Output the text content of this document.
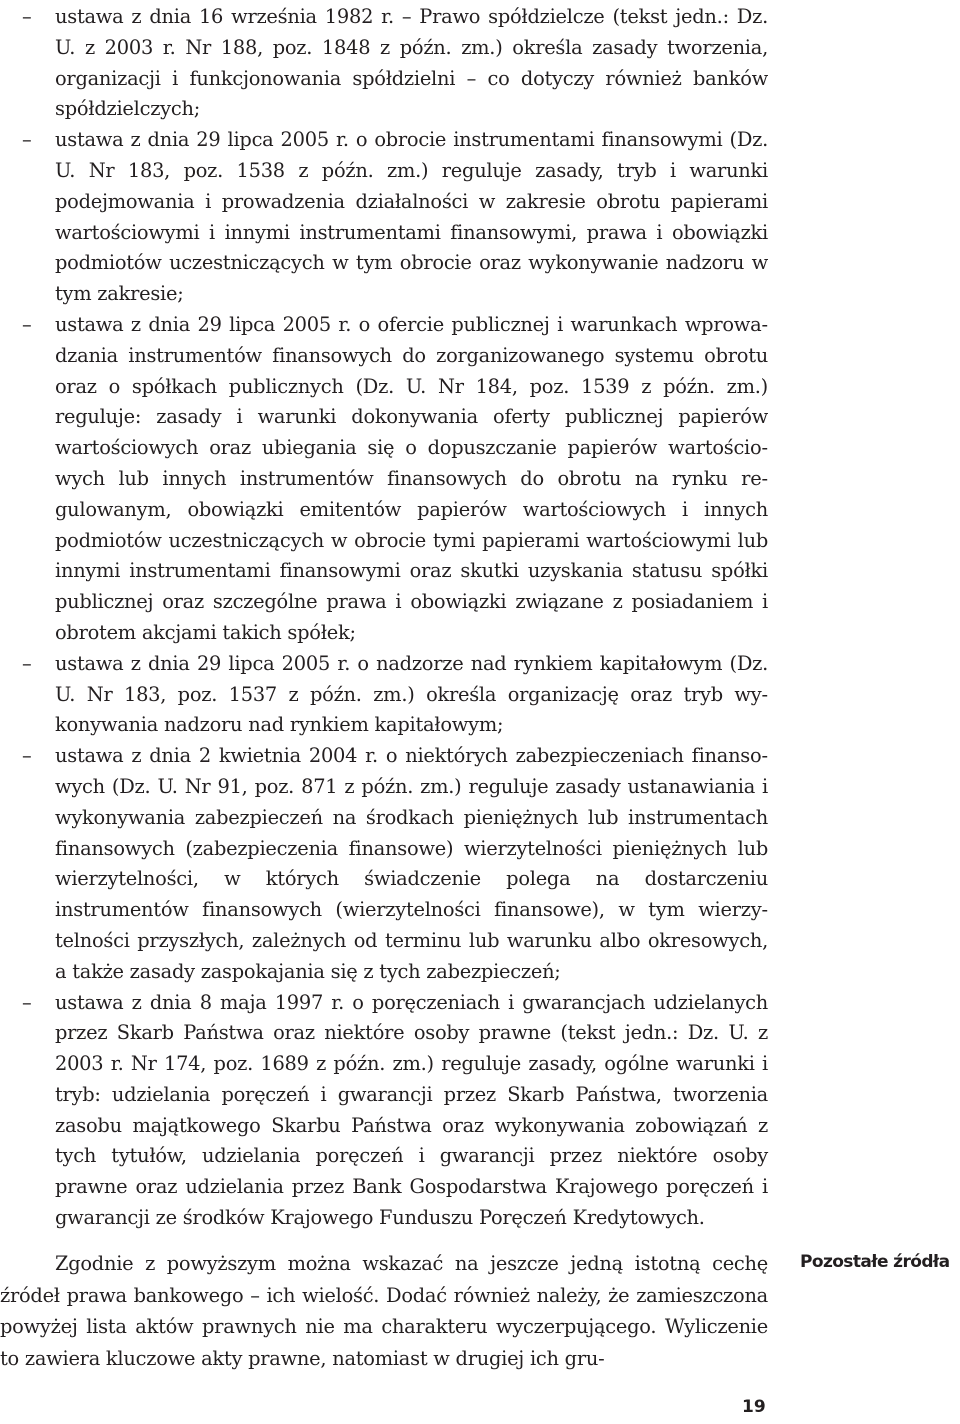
– ustawa z dnia 16 września 1982 r. – Prawo spółdzielcze (tekst jedn.: Dz. U. z 2003 r. Nr 188, poz. 1848 z późn. zm.) określa zasady tworzenia, organizacji i funkcjonowania spółdzielni – co dotyczy również banków spółdzielczych;
– ustawa z dnia 29 lipca 2005 r. o obrocie instrumentami finansowymi (Dz. U. Nr 183, poz. 1538 z późn. zm.) reguluje zasady, tryb i warunki podejmowania i prowadzenia działalności w zakresie obrotu papierami wartościowymi i innymi instrumentami finansowymi, prawa i obowiązki podmiotów uczestniczących w tym obrocie oraz wykonywanie nadzoru w tym zakresie;
– ustawa z dnia 29 lipca 2005 r. o ofercie publicznej i warunkach wprowadzania instrumentów finansowych do zorganizowanego systemu obrotu oraz o spółkach publicznych (Dz. U. Nr 184, poz. 1539 z późn. zm.) reguluje: zasady i warunki dokonywania oferty publicznej papierów wartościowych oraz ubiegania się o dopuszczanie papierów wartościowych lub innych instrumentów finansowych do obrotu na rynku regulowanym, obowiązki emitentów papierów wartościowych i innych podmiotów uczestniczących w obrocie tymi papierami wartościowymi lub innymi instrumentami finansowymi oraz skutki uzyskania statusu spółki publicznej oraz szczególne prawa i obowiązki związane z posiadaniem i obrotem akcjami takich spółek;
– ustawa z dnia 29 lipca 2005 r. o nadzorze nad rynkiem kapitałowym (Dz. U. Nr 183, poz. 1537 z późn. zm.) określa organizację oraz tryb wykonywania nadzoru nad rynkiem kapitałowym;
– ustawa z dnia 2 kwietnia 2004 r. o niektórych zabezpieczeniach finansowych (Dz. U. Nr 91, poz. 871 z późn. zm.) reguluje zasady ustanawiania i wykonywania zabezpieczeń na środkach pieniężnych lub instrumentach finansowych (zabezpieczenia finansowe) wierzytelności pieniężnych lub wierzytelności, w których świadczenie polega na dostarczeniu instrumentów finansowych (wierzytelności finansowe), w tym wierzytelności przyszłych, zależnych od terminu lub warunku albo okresowych, a także zasady zaspokajania się z tych zabezpieczeń;
– ustawa z dnia 8 maja 1997 r. o poręczeniach i gwarancjach udzielanych przez Skarb Państwa oraz niektóre osoby prawne (tekst jedn.: Dz. U. z 2003 r. Nr 174, poz. 1689 z późn. zm.) reguluje zasady, ogólne warunki i tryb: udzielania poręczeń i gwarancji przez Skarb Państwa, tworzenia zasobu majątkowego Skarbu Państwa oraz wykonywania zobowiązań z tych tytułów, udzielania poręczeń i gwarancji przez niektóre osoby prawne oraz udzielania przez Bank Gospodarstwa Krajowego poręczeń i gwarancji ze środków Krajowego Funduszu Poręczeń Kredytowych.

Zgodnie z powyższym można wskazać na jeszcze jedną istotną cechę źródeł prawa bankowego – ich wielość. Dodać również należy, że zamieszczona powyżej lista aktów prawnych nie ma charakteru wyczerpującego. Wyliczenie to zawiera kluczowe akty prawne, natomiast w drugiej ich gru-

Pozostałe źródła
19
